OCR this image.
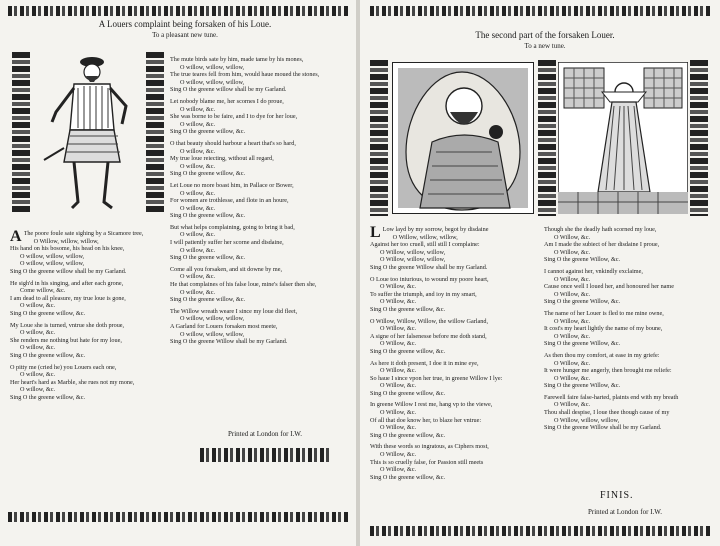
A Louers complaint being forsaken of his Loue.
To a pleasant new tune.
A The poore foule sate sighing by a Sicamore tree,
O Willow, willow, willow,
His hand on his bosome, his head on his knee,
O willow, willow, willow,
O willow, willow, willow,
Sing O the greene willow shall be my Garland.
He sigh'd in his singing, and after each grone,
Come willow, &c.
I am dead to all pleasure, my true loue is gone,
O willow, &c.
Sing O the greene willow, &c.
My Loue she is turned, vntrue she doth proue,
O willow, &c.
She renders me nothing but hate for my loue,
O willow, &c.
Sing O the greene willow, &c.
O pitty me (cried he) you Louers each one,
O willow, &c.
Her heart's hard as Marble, she rues not my mone,
O willow, &c.
Sing O the greene willow, &c.
The mute birds sate by him, made tame by his mones,
O willow, willow, willow,
The true teares fell from him, would haue moued the stones,
O willow, willow, willow,
Sing O the greene willow shall be my Garland.
Let nobody blame me, her scornes I do proue,
O willow, &c.
She was borne to be faire, and I to dye for her loue,
O willow, &c.
Sing O the greene willow, &c.
O that beauty should harbour a heart that's so hard,
O willow, &c.
My true loue reiecting, without all regard,
O willow, &c.
Sing O the greene willow, &c.
Let Loue no more boast him, in Pallace or Bower,
O willow, &c.
For women are trothlesse, and flote in an houre,
O willow, &c.
Sing O the greene willow, &c.
But what helps complaining, going to bring it bad,
O willow, &c.
I will patiently suffer her scorne and disdaine,
O willow, &c.
Sing O the greene willow, &c.
Come all you forsaken, and sit downe by me,
O willow, &c.
He that complaines of his false loue, mine's falser then she,
O willow, &c.
Sing O the greene willow, &c.
The Willow wreath weare I since my loue did fleet,
O willow, willow, willow,
A Garland for Louers forsaken most meete,
O willow, willow, willow,
Sing O the greene Willow shall be my Garland.
Printed at London for I.W.
The second part of the forsaken Louer.
To a new tune.
L Low layd by my sorrow, begot by disdaine
O Willow, willow, willow,
Against her too cruell, still still I complaine:
O Willow, willow, willow,
O Willow, willow, willow,
Sing O the greene Willow shall be my Garland.
O Loue too iniurious, to wound my poore heart,
O Willow, &c.
To suffer the triumph, and ioy in my smart,
O Willow, &c.
Sing O the greene willow, &c.
O Willow, Willow, Willow, the willow Garland,
O Willow, &c.
A signe of her falsenesse before me doth stand,
O Willow, &c.
Sing O the greene willow, &c.
As here it doth present, I doe it in mine eye,
O Willow, &c.
So haue I since vpon her true, in greene Willow I lye:
O Willow, &c.
Sing O the greene willow, &c.
In greene Willow I rest me, hang vp to the viewe,
O Willow, &c.
Of all that doe know her, to blaze her vntrue:
O Willow, &c.
Sing O the greene willow, &c.
With these words so ingratous, as Ciphers most,
O Willow, &c.
This is so cruelly false, for Passion still meets
O Willow, &c.
Sing O the greene willow, &c.
Though she the deadly hath scorned my loue,
O Willow, &c.
Am I made the subiect of her disdaine I proue,
O Willow, &c.
Sing O the greene Willow, &c.
I cannot against her, vnkindly exclaime,
O Willow, &c.
Cause once well I loued her, and honoured her name
O Willow, &c.
Sing O the greene Willow, &c.
The name of her Louer is fled to me mine owne,
O Willow, &c.
It cost's my heart lightly the name of my boune,
O Willow, &c.
Sing O the greene Willow, &c.
As then thou my comfort, at ease in my griefe:
O Willow, &c.
It were hunger me angerly, then brought me reliefe:
O Willow, &c.
Sing O the greene Willow, &c.
Farewell faire false-harted, plaints end with my breath
O Willow, &c.
Thou shall despise, I loue thee though cause of my
O Willow, willow, willow,
Sing O the greene Willow shall be my Garland.
FINIS.
Printed at London for I.W.
